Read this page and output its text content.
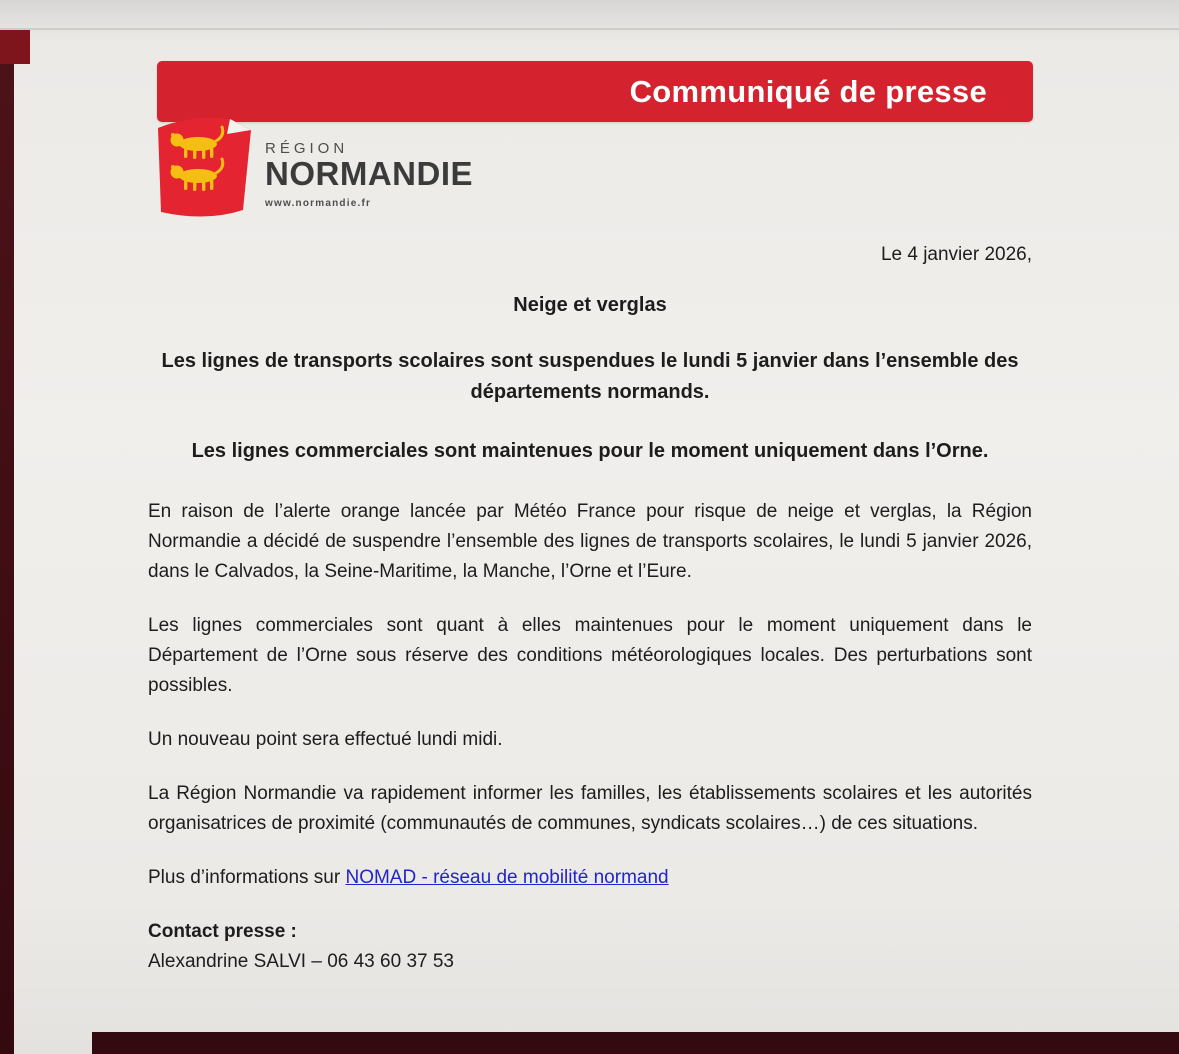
Communiqué de presse
RÉGION
NORMANDIE
www.normandie.fr
Le 4 janvier 2026,
Neige et verglas
Les lignes de transports scolaires sont suspendues le lundi 5 janvier dans l’ensemble des départements normands.
Les lignes commerciales sont maintenues pour le moment uniquement dans l’Orne.

En raison de l’alerte orange lancée par Météo France pour risque de neige et verglas, la Région Normandie a décidé de suspendre l’ensemble des lignes de transports scolaires, le lundi 5 janvier 2026, dans le Calvados, la Seine-Maritime, la Manche, l’Orne et l’Eure.

Les lignes commerciales sont quant à elles maintenues pour le moment uniquement dans le Département de l’Orne sous réserve des conditions météorologiques locales. Des perturbations sont possibles.

Un nouveau point sera effectué lundi midi.

La Région Normandie va rapidement informer les familles, les établissements scolaires et les autorités organisatrices de proximité (communautés de communes, syndicats scolaires…) de ces situations.

Plus d’informations sur NOMAD - réseau de mobilité normand

Contact presse :
Alexandrine SALVI – 06 43 60 37 53
